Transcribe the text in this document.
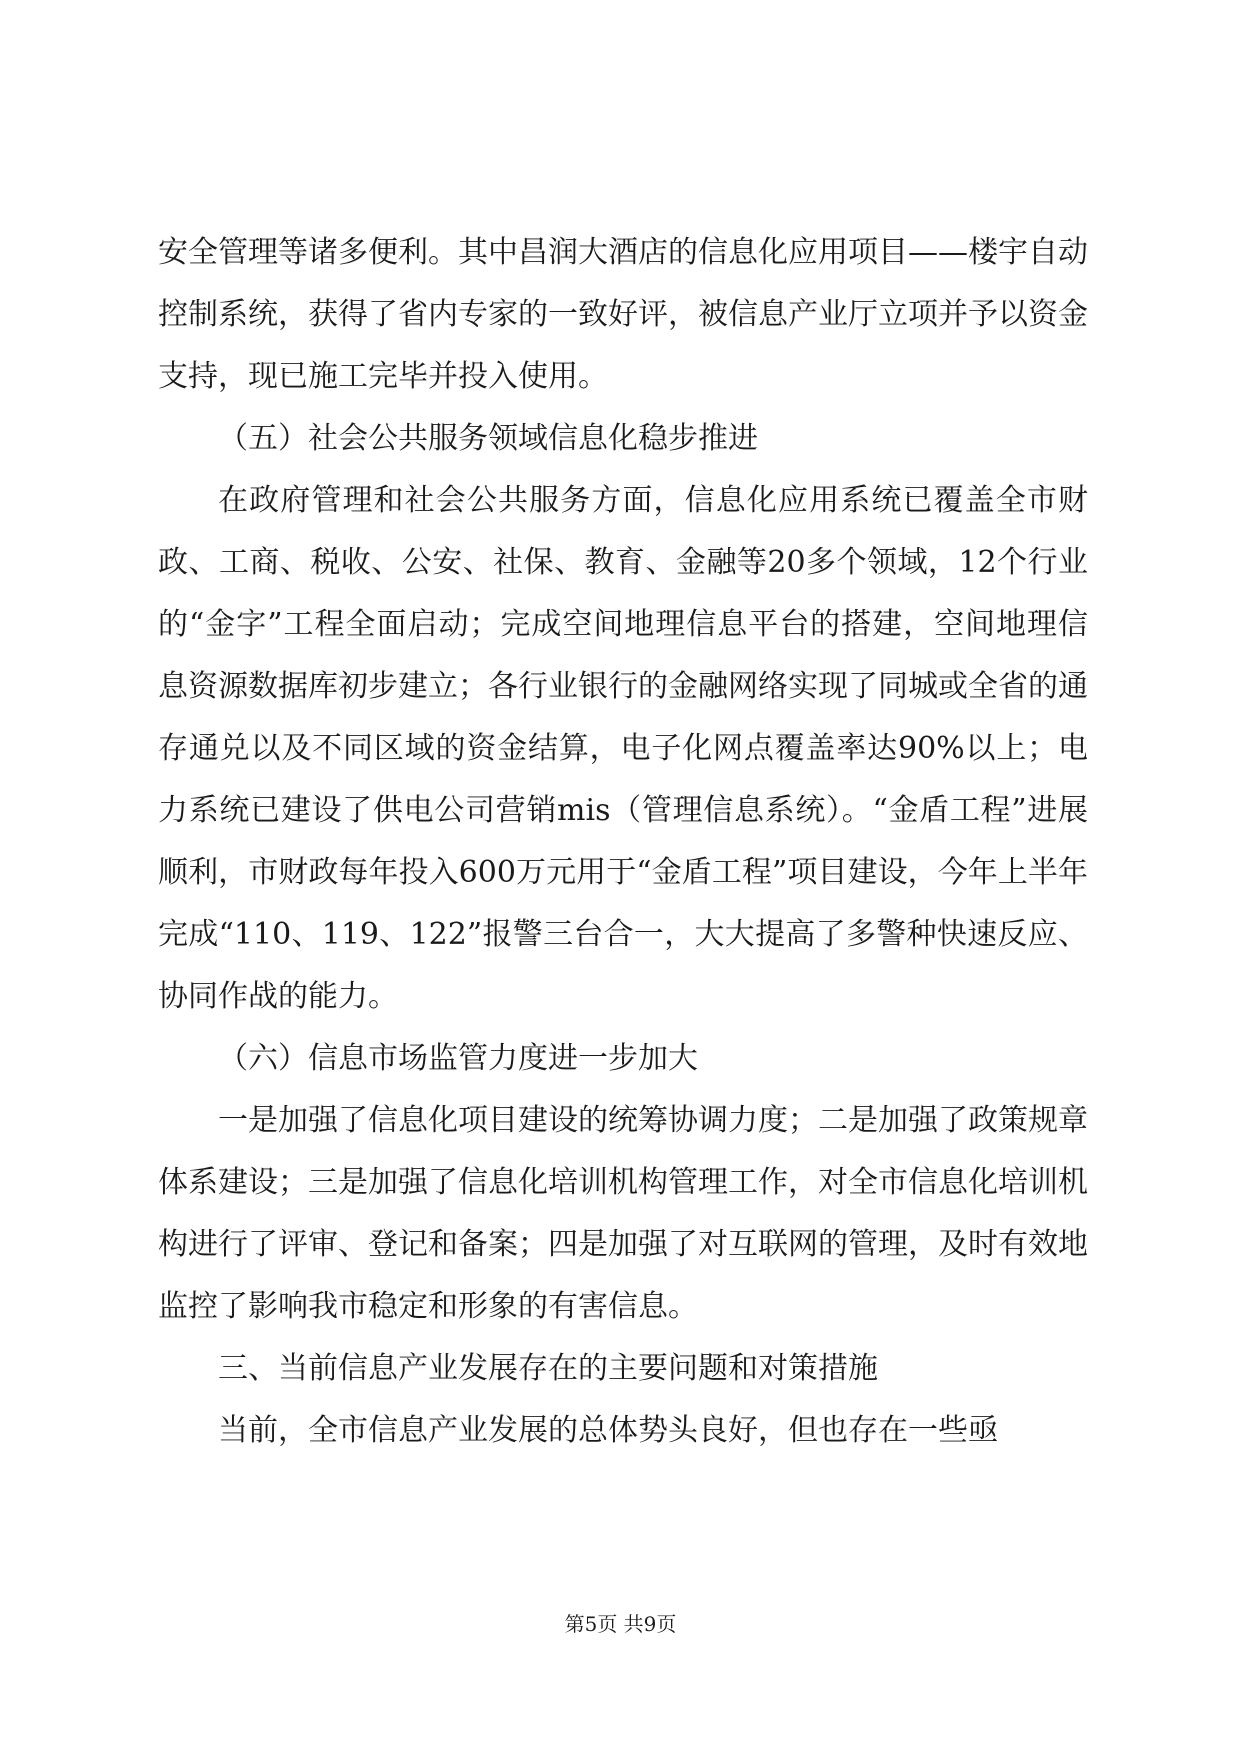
安全管理等诸多便利。其中昌润大酒店的信息化应用项目——楼宇自动控制系统，获得了省内专家的一致好评，被信息产业厅立项并予以资金支持，现已施工完毕并投入使用。

（五）社会公共服务领域信息化稳步推进

在政府管理和社会公共服务方面，信息化应用系统已覆盖全市财政、工商、税收、公安、社保、教育、金融等20多个领域，12个行业的“金字”工程全面启动；完成空间地理信息平台的搭建，空间地理信息资源数据库初步建立；各行业银行的金融网络实现了同城或全省的通存通兑以及不同区域的资金结算，电子化网点覆盖率达90%以上；电力系统已建设了供电公司营销mis（管理信息系统）。“金盾工程”进展顺利，市财政每年投入600万元用于“金盾工程”项目建设，今年上半年完成“110、119、122”报警三台合一，大大提高了多警种快速反应、协同作战的能力。

（六）信息市场监管力度进一步加大

一是加强了信息化项目建设的统筹协调力度；二是加强了政策规章体系建设；三是加强了信息化培训机构管理工作，对全市信息化培训机构进行了评审、登记和备案；四是加强了对互联网的管理，及时有效地监控了影响我市稳定和形象的有害信息。

三、当前信息产业发展存在的主要问题和对策措施

当前，全市信息产业发展的总体势头良好，但也存在一些亟

第5页 共9页
